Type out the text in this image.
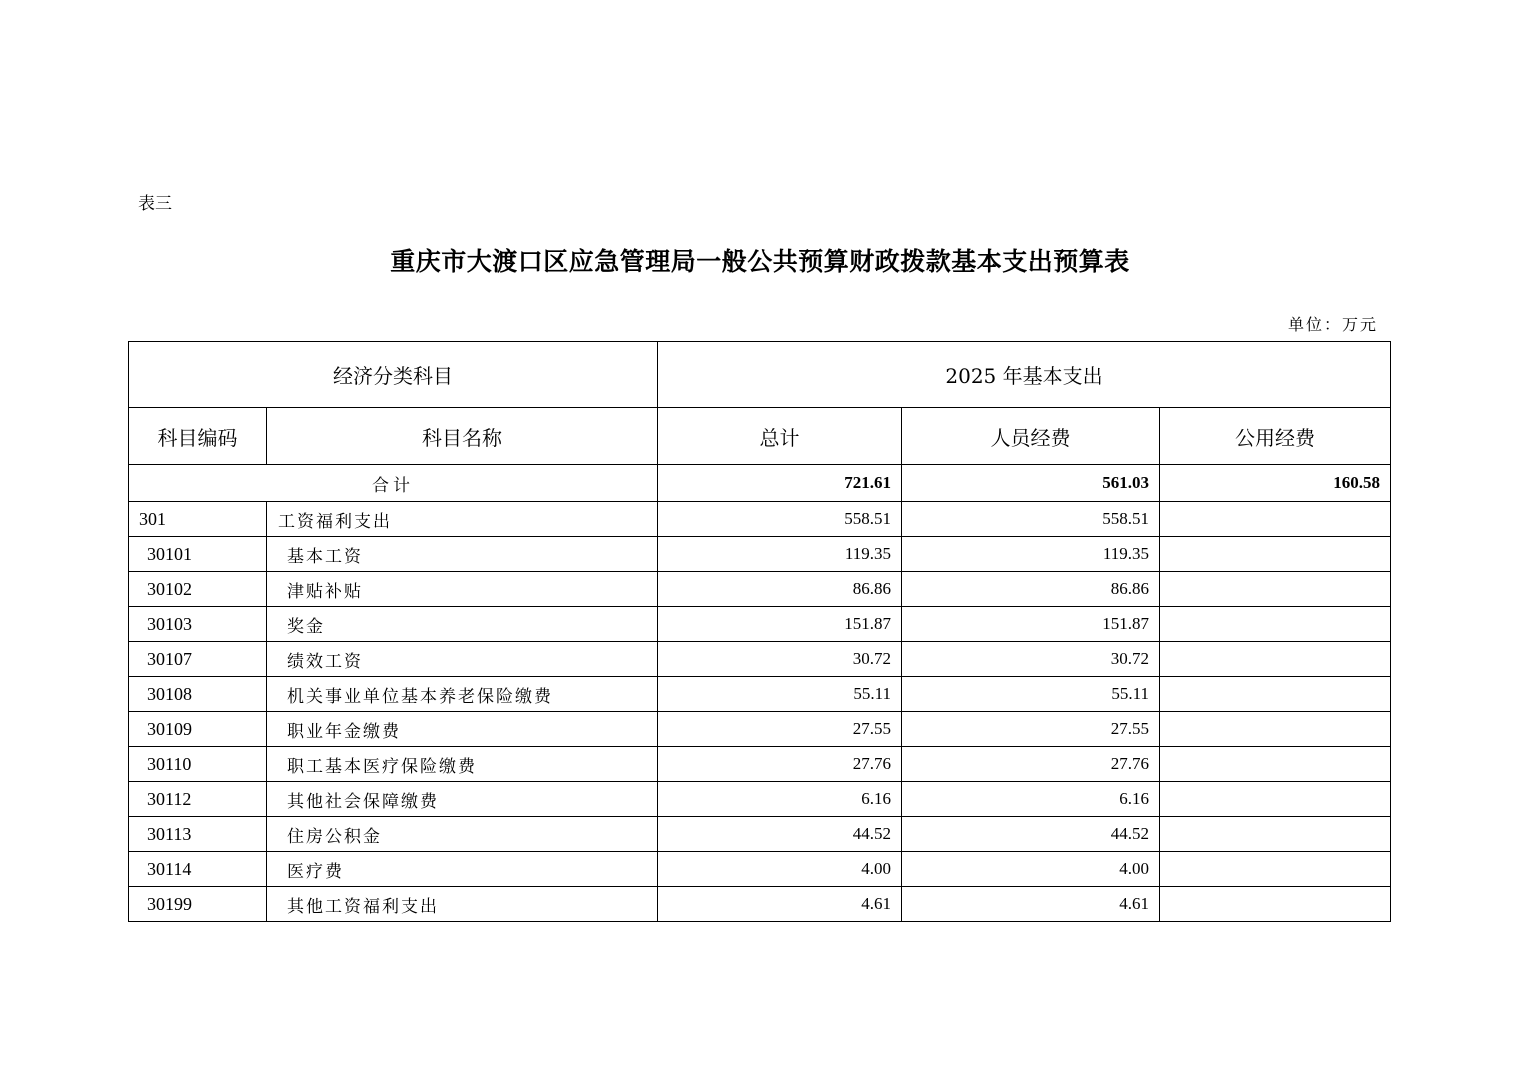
表三
重庆市大渡口区应急管理局一般公共预算财政拨款基本支出预算表
单位：万元
经济分类科目		2025 年基本支出		
科目编码	科目名称	总计	人员经费	公用经费
合计		721.61	561.03	160.58
301	工资福利支出	558.51	558.51	
30101	基本工资	119.35	119.35	
30102	津贴补贴	86.86	86.86	
30103	奖金	151.87	151.87	
30107	绩效工资	30.72	30.72	
30108	机关事业单位基本养老保险缴费	55.11	55.11	
30109	职业年金缴费	27.55	27.55	
30110	职工基本医疗保险缴费	27.76	27.76	
30112	其他社会保障缴费	6.16	6.16	
30113	住房公积金	44.52	44.52	
30114	医疗费	4.00	4.00	
30199	其他工资福利支出	4.61	4.61	
